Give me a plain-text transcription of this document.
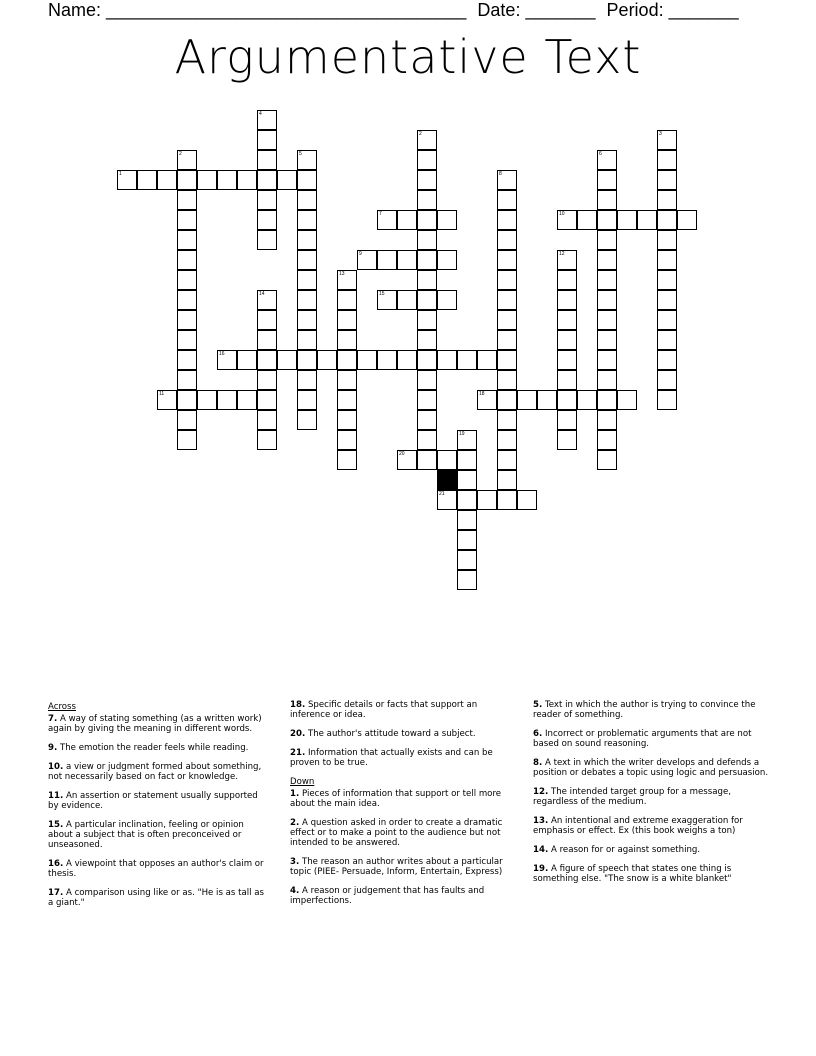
Name: ____________________________________ Date: _______ Period: _______
Argumentative Text
1
2	3
4
2	5	6
7
8
9
10
11
12
13
14	15
16
18
19
20
21
Across
7. A way of stating something (as a written work) again by giving the meaning in different words.
9. The emotion the reader feels while reading.
10. a view or judgment formed about something, not necessarily based on fact or knowledge.
11. An assertion or statement usually supported by evidence.
15. A particular inclination, feeling or opinion about a subject that is often preconceived or unseasoned.
16. A viewpoint that opposes an author's claim or thesis.
17. A comparison using like or as. "He is as tall as a giant."
18. Specific details or facts that support an inference or idea.
20. The author's attitude toward a subject.
21. Information that actually exists and can be proven to be true.
Down
1. Pieces of information that support or tell more about the main idea.
2. A question asked in order to create a dramatic effect or to make a point to the audience but not intended to be answered.
3. The reason an author writes about a particular topic (PIEE- Persuade, Inform, Entertain, Express)
4. A reason or judgement that has faults and imperfections.
5. Text in which the author is trying to convince the reader of something.
6. Incorrect or problematic arguments that are not based on sound reasoning.
8. A text in which the writer develops and defends a position or debates a topic using logic and persuasion.
12. The intended target group for a message, regardless of the medium.
13. An intentional and extreme exaggeration for emphasis or effect. Ex (this book weighs a ton)
14. A reason for or against something.
19. A figure of speech that states one thing is something else. "The snow is a white blanket"
